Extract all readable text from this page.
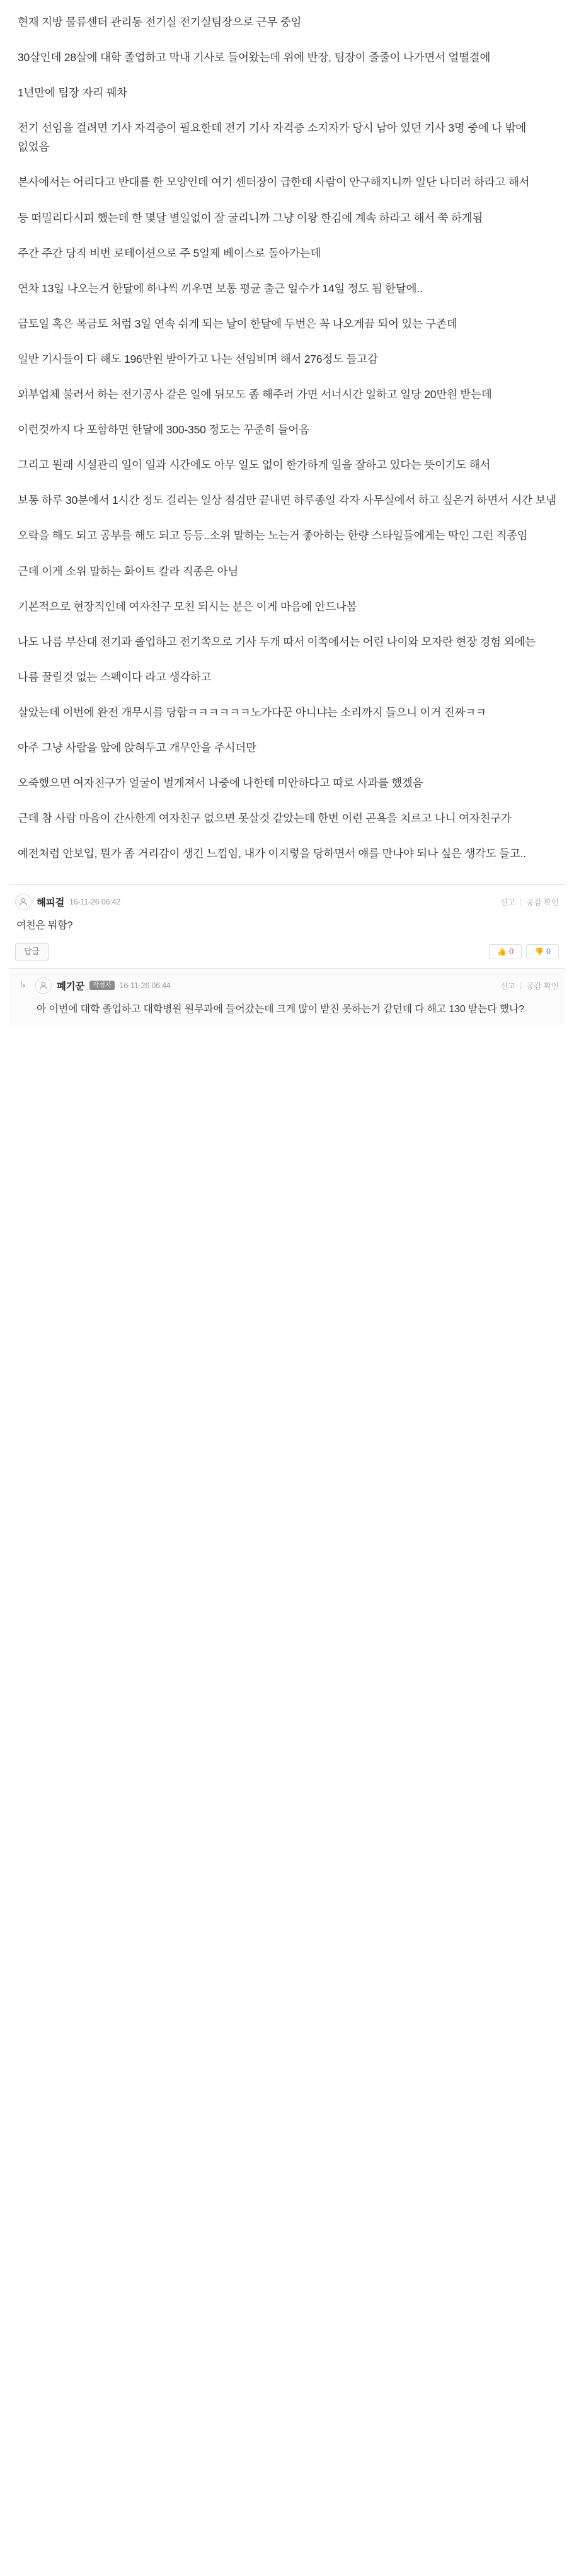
현재 지방 물류센터 관리동 전기실 전기실팀장으로 근무 중임

30살인데 28살에 대학 졸업하고 막내 기사로 들어왔는데 위에 반장, 팀장이 줄줄이 나가면서 얼떨결에

1년만에 팀장 자리 꿰차

전기 선임을 걸려면 기사 자격증이 필요한데 전기 기사 자격증 소지자가 당시 남아 있던 기사 3명 중에 나 밖에 없었음

본사에서는 어리다고 반대를 한 모양인데 여기 센터장이 급한데 사람이 안구해지니까 일단 나더러 하라고 해서

등 떠밀리다시피 했는데 한 몇달 별일없이 잘 굴리니까 그냥 이왕 한김에 계속 하라고 해서 쭉 하게됨

주간 주간 당직 비번 로테이션으로 주 5일제 베이스로 돌아가는데

연차 13일 나오는거 한달에 하나씩 끼우면 보통 평균 출근 일수가 14일 정도 됨 한달에..

금토일 혹은 목금토 처럼 3일 연속 쉬게 되는 날이 한달에 두번은 꼭 나오게끔 되어 있는 구존데

일반 기사들이 다 해도 196만원 받아가고 나는 선임비며 해서 276정도 들고감

외부업체 불러서 하는 전기공사 같은 일에 뒤모도 좀 해주러 가면 서너시간 일하고 일당 20만원 받는데

이런것까지 다 포함하면 한달에 300-350 정도는 꾸준히 들어옴

그리고 원래 시설관리 일이 일과 시간에도 아무 일도 없이 한가하게 일을 잘하고 있다는 뜻이기도 해서

보통 하루 30분에서 1시간 정도 걸리는 일상 점검만 끝내면 하루종일 각자 사무실에서 하고 싶은거 하면서 시간 보냄

오락을 해도 되고 공부를 해도 되고 등등..소위 말하는 노는거 좋아하는 한량 스타일들에게는 딱인 그런 직종임

근데 이게 소위 말하는 화이트 칼라 직종은 아님

기본적으로 현장직인데 여자친구 모친 되시는 분은 이게 마음에 안드나봄

나도 나름 부산대 전기과 졸업하고 전기쪽으로 기사 두개 따서 이쪽에서는 어린 나이와 모자란 현장 경험 외에는

나름 꿀릴것 없는 스펙이다 라고 생각하고

살았는데 이번에 완전 개무시를 당함ㅋㅋㅋㅋㅋㅋ노가다꾼 아니냐는 소리까지 들으니 이거 진짜ㅋㅋ

아주 그냥 사람을 앞에 앉혀두고 개무안을 주시더만

오죽했으면 여자친구가 얼굴이 벌게져서 나중에 나한테 미안하다고 따로 사과를 했겠음

근데 참 사람 마음이 간사한게 여자친구 없으면 못살것 같았는데 한번 이런 곤욕을 치르고 나니 여자친구가

예전처럼 안보입, 뭔가 좀 거리감이 생긴 느낌임, 내가 이지렇을 당하면서 얘를 만나야 되나 싶은 생각도 들고..

해피걸 16-11-26 06:42	신고 | 공감 확인
여친은 뭐함?
답글	👍 0	👎 0
↳	폐기꾼	작성자	16-11-26 06:44	신고 | 공감 확인
아 이번에 대학 졸업하고 대학병원 원무과에 들어갔는데 크게 많이 받진 못하는거 같던데 다 해고 130 받는다 했나?
